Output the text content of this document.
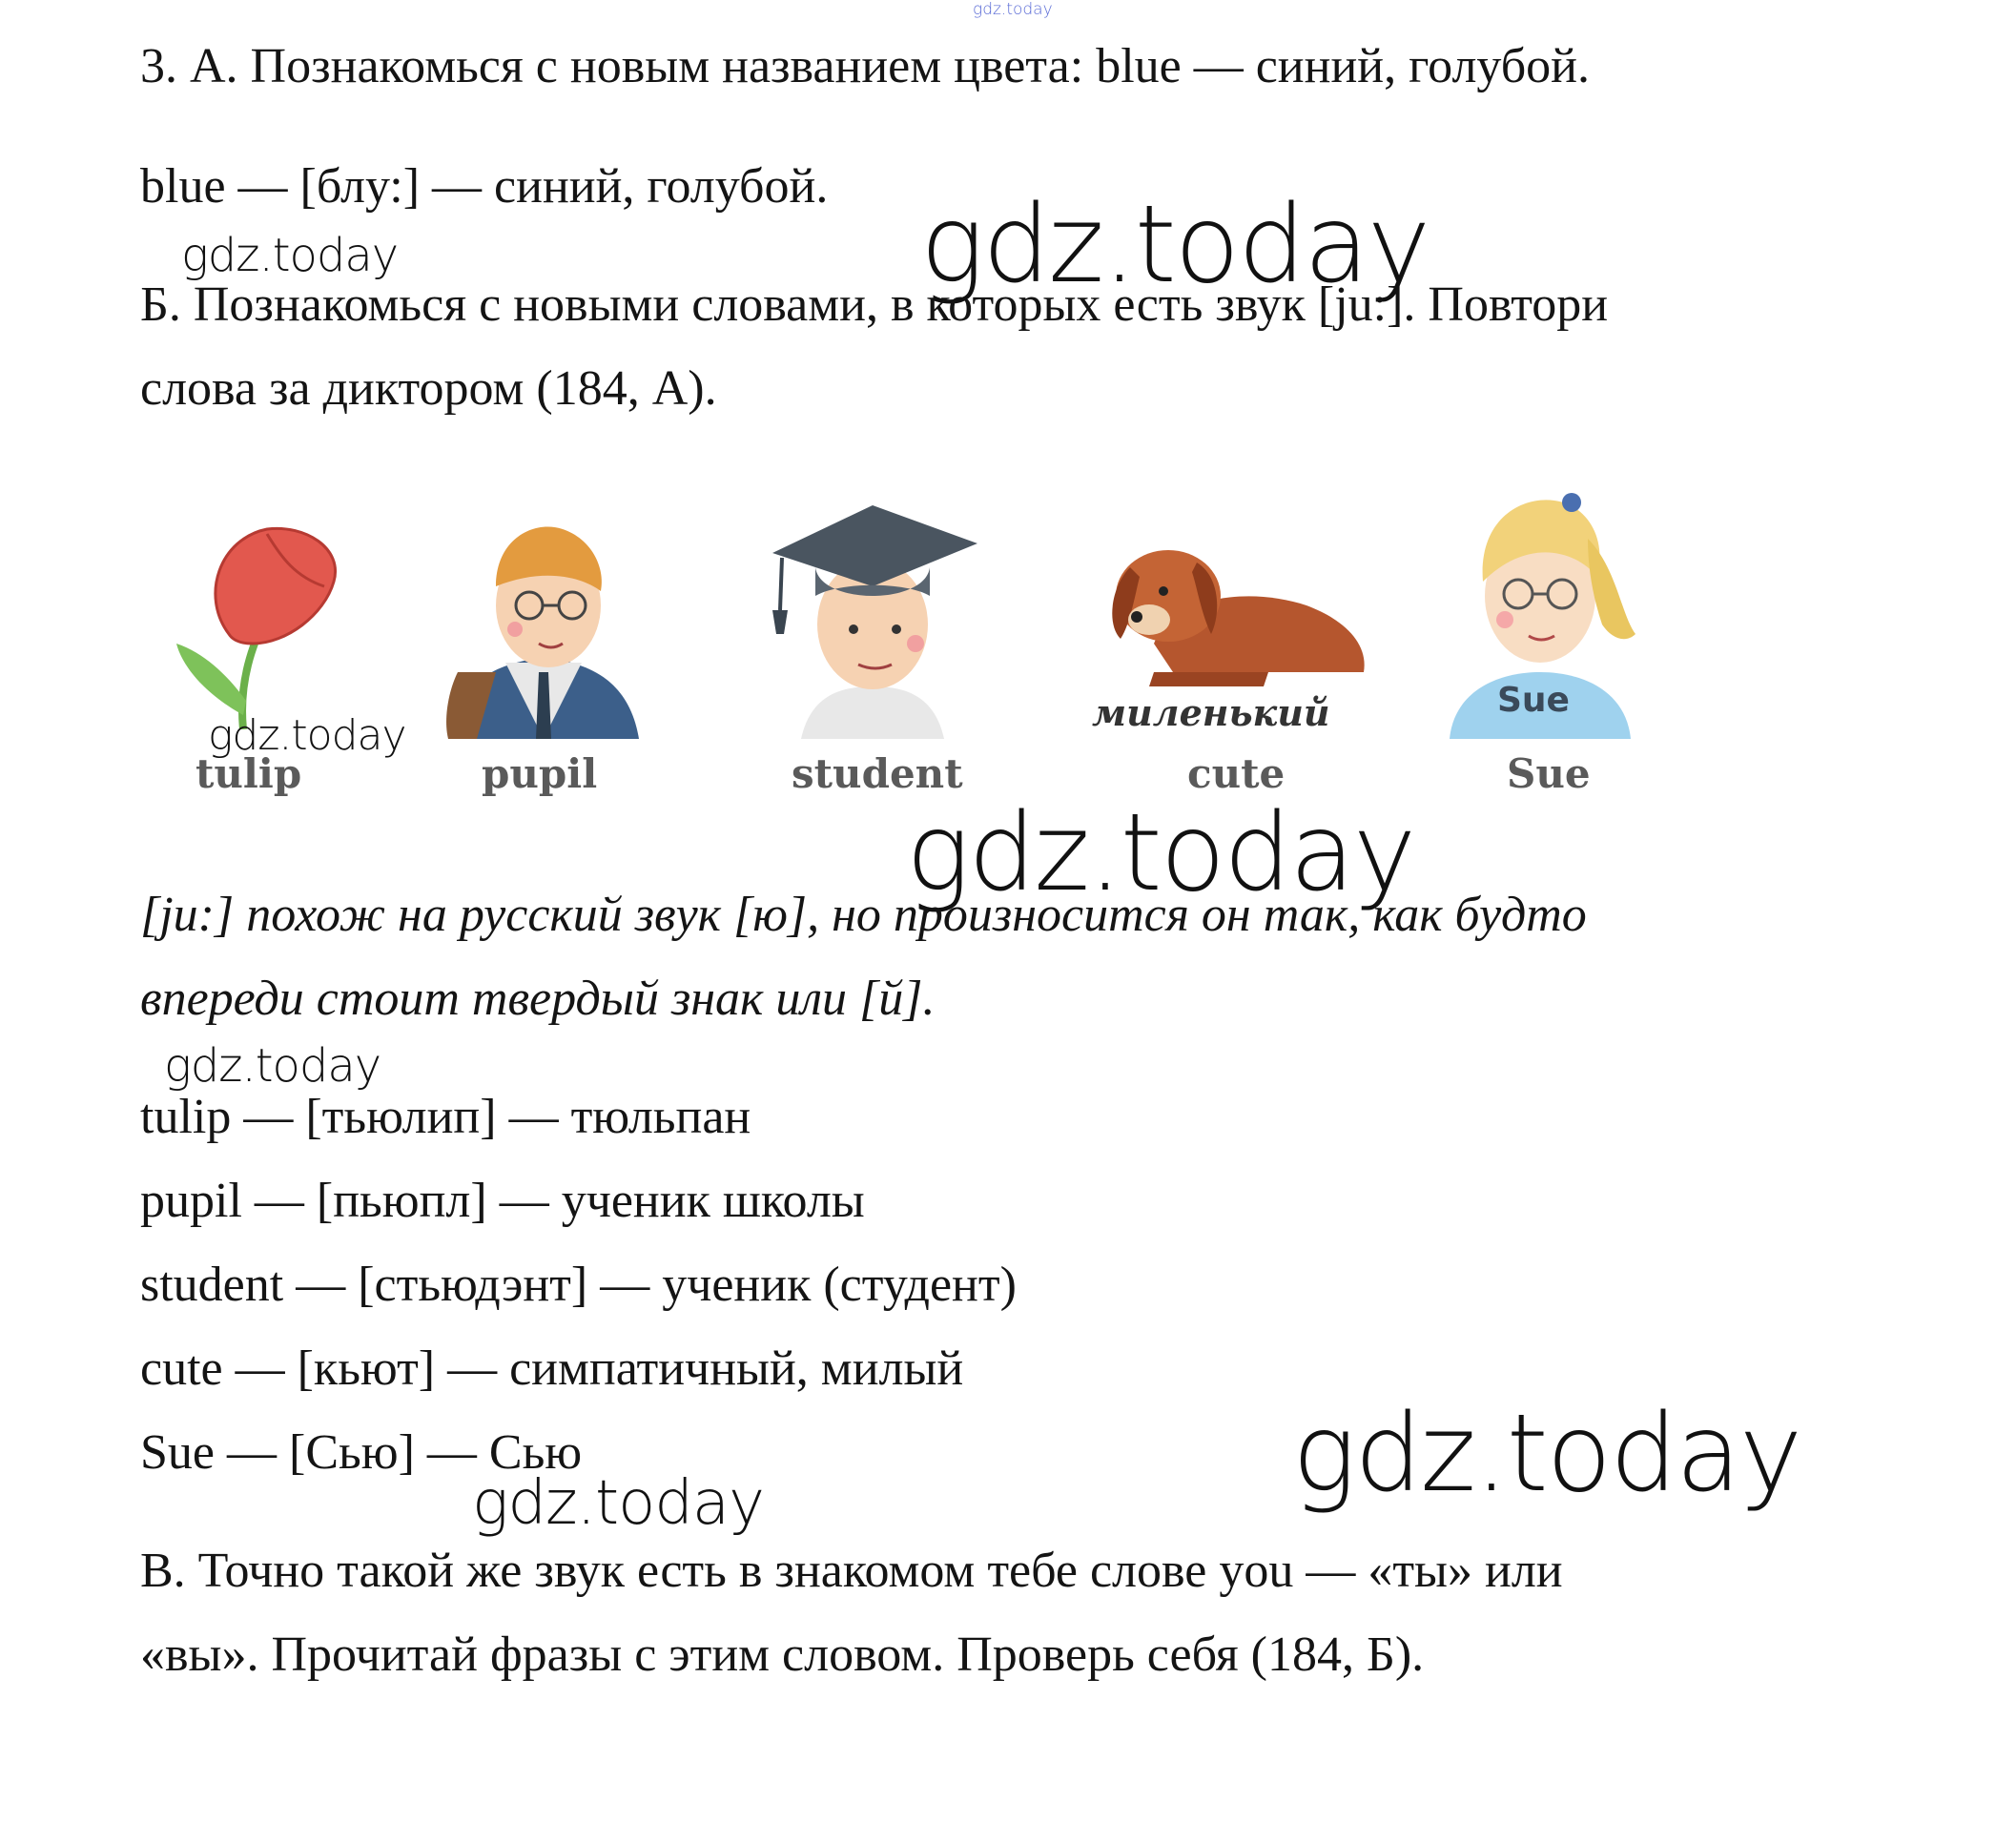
gdz.today
3. А. Познакомься с новым названием цвета: blue — синий, голубой.
blue — [блу:] — синий, голубой.
gdz.today	gdz.today
Б. Познакомься с новыми словами, в которых есть звук [ju:]. Повтори
слова за диктором (184, А).
tulip
gdz.today
pupil	student
миленький
cute
Sue
Sue
gdz.today
[ju:] похож на русский звук [ю], но произносится он так, как будто
впереди стоит твердый знак или [й].
gdz.today
tulip — [тьюлип] — тюльпан
pupil — [пьюпл] — ученик школы
student — [стьюдэнт] — ученик (студент)
cute — [кьют] — симпатичный, милый
Sue — [Сью] — Сью	gdz.today
gdz.today
В. Точно такой же звук есть в знакомом тебе слове you — «ты» или
«вы». Прочитай фразы с этим словом. Проверь себя (184, Б).
